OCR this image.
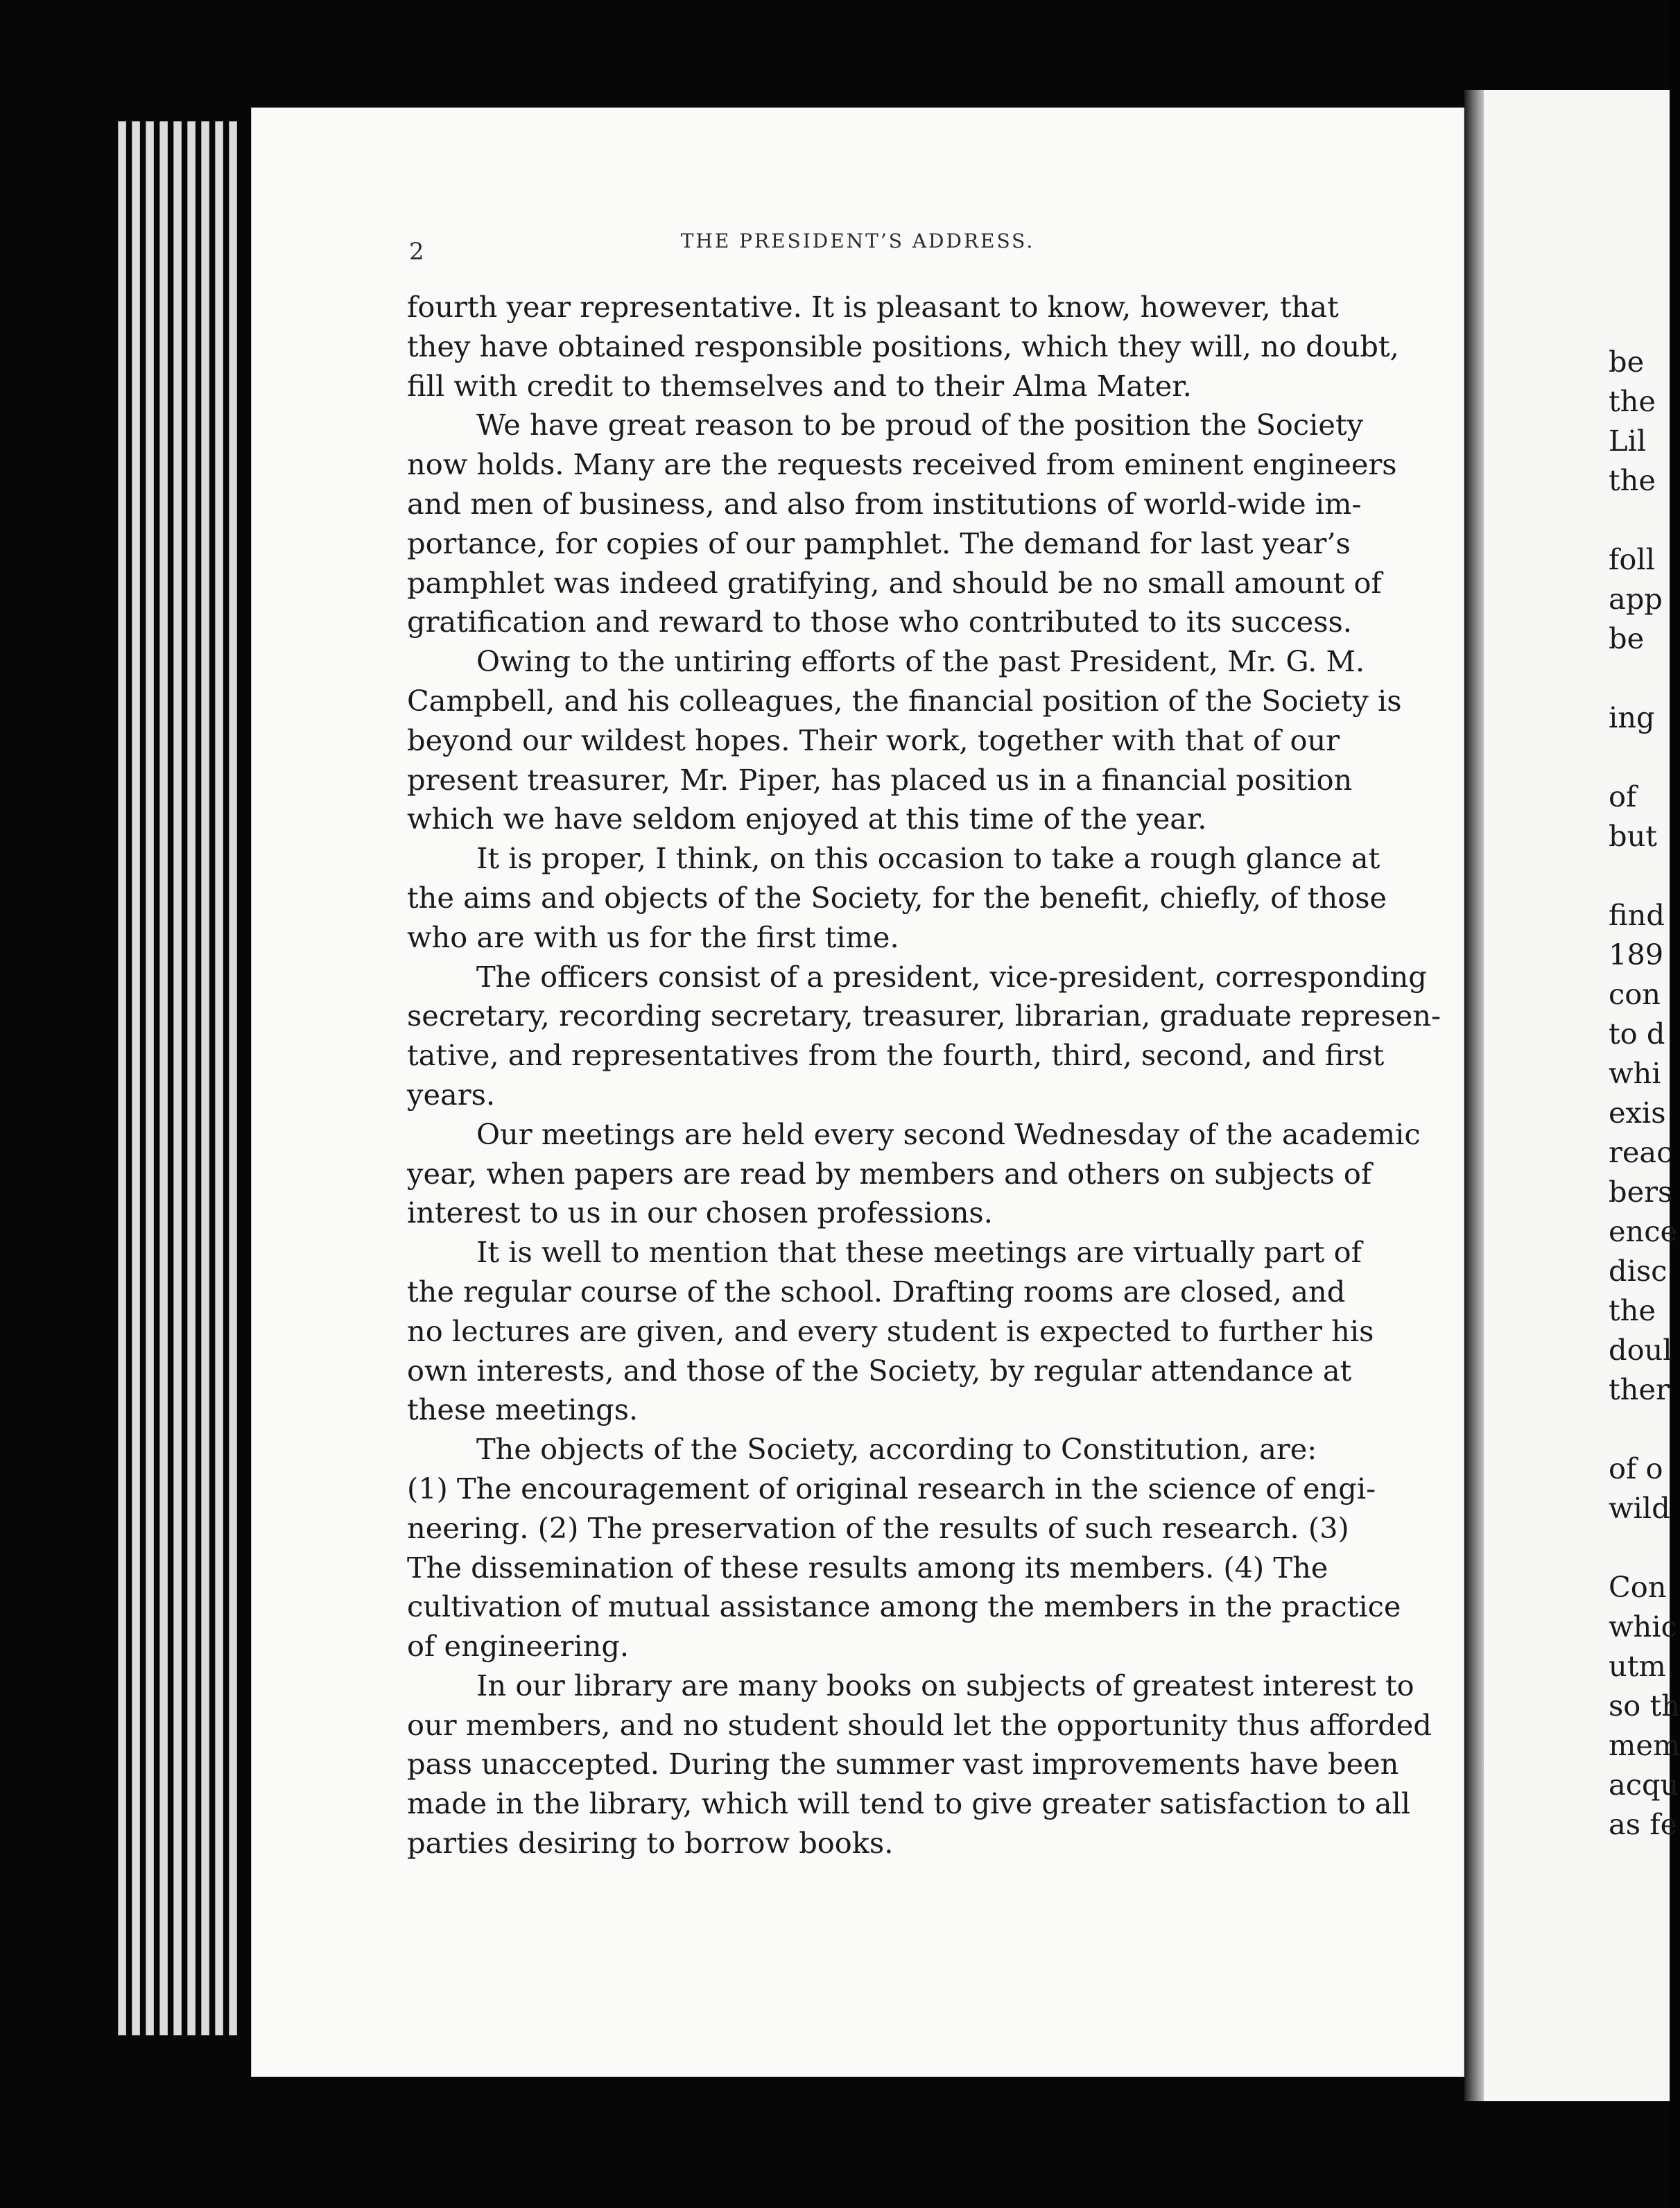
2	THE PRESIDENT’S ADDRESS.
fourth year representative. It is pleasant to know, however, that
they have obtained responsible positions, which they will, no doubt,
fill with credit to themselves and to their Alma Mater.
We have great reason to be proud of the position the Society
now holds. Many are the requests received from eminent engineers
and men of business, and also from institutions of world-wide im-
portance, for copies of our pamphlet. The demand for last year’s
pamphlet was indeed gratifying, and should be no small amount of
gratification and reward to those who contributed to its success.
Owing to the untiring efforts of the past President, Mr. G. M.
Campbell, and his colleagues, the financial position of the Society is
beyond our wildest hopes. Their work, together with that of our
present treasurer, Mr. Piper, has placed us in a financial position
which we have seldom enjoyed at this time of the year.
It is proper, I think, on this occasion to take a rough glance at
the aims and objects of the Society, for the benefit, chiefly, of those
who are with us for the first time.
The officers consist of a president, vice-president, corresponding
secretary, recording secretary, treasurer, librarian, graduate represen-
tative, and representatives from the fourth, third, second, and first
years.
Our meetings are held every second Wednesday of the academic
year, when papers are read by members and others on subjects of
interest to us in our chosen professions.
It is well to mention that these meetings are virtually part of
the regular course of the school. Drafting rooms are closed, and
no lectures are given, and every student is expected to further his
own interests, and those of the Society, by regular attendance at
these meetings.
The objects of the Society, according to Constitution, are:
(1) The encouragement of original research in the science of engi-
neering. (2) The preservation of the results of such research. (3)
The dissemination of these results among its members. (4) The
cultivation of mutual assistance among the members in the practice
of engineering.
In our library are many books on subjects of greatest interest to
our members, and no student should let the opportunity thus afforded
pass unaccepted. During the summer vast improvements have been
made in the library, which will tend to give greater satisfaction to all
parties desiring to borrow books.
be
the
Lil
the
foll
app
be
ing
of
but
find
189
con
to d
whi
exis
reac
bers
ence
disc
the
doul
ther
of o
wild
Con
whic
utm
so th
mem
acqu
as fe
